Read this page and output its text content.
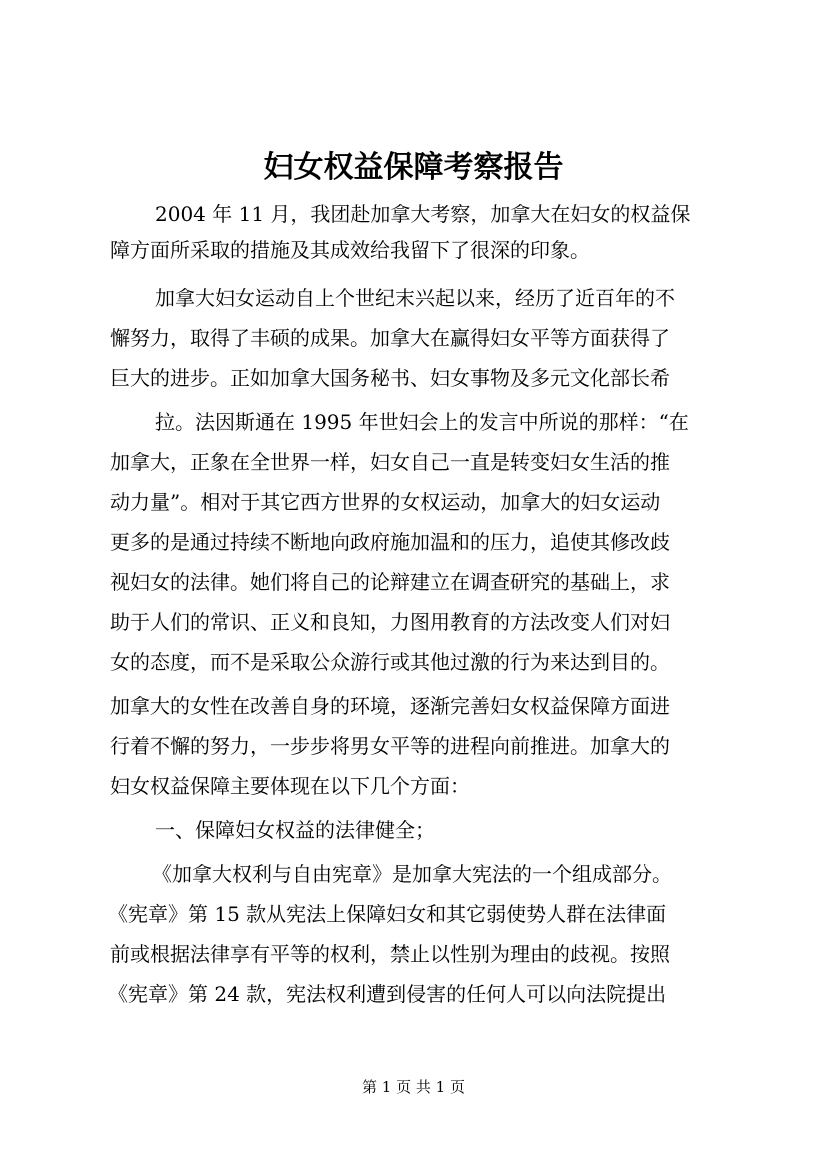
妇女权益保障考察报告

2004 年 11 月，我团赴加拿大考察，加拿大在妇女的权益保

障方面所采取的措施及其成效给我留下了很深的印象。

加拿大妇女运动自上个世纪末兴起以来，经历了近百年的不

懈努力，取得了丰硕的成果。加拿大在赢得妇女平等方面获得了

巨大的进步。正如加拿大国务秘书、妇女事物及多元文化部长希

拉。法因斯通在 1995 年世妇会上的发言中所说的那样：“在

加拿大，正象在全世界一样，妇女自己一直是转变妇女生活的推

动力量”。相对于其它西方世界的女权运动，加拿大的妇女运动

更多的是通过持续不断地向政府施加温和的压力，追使其修改歧

视妇女的法律。她们将自己的论辩建立在调查研究的基础上，求

助于人们的常识、正义和良知，力图用教育的方法改变人们对妇

女的态度，而不是采取公众游行或其他过激的行为来达到目的。

加拿大的女性在改善自身的环境，逐渐完善妇女权益保障方面进

行着不懈的努力，一步步将男女平等的进程向前推进。加拿大的

妇女权益保障主要体现在以下几个方面：

一、保障妇女权益的法律健全；

《加拿大权利与自由宪章》是加拿大宪法的一个组成部分。

《宪章》第 15 款从宪法上保障妇女和其它弱使势人群在法律面

前或根据法律享有平等的权利，禁止以性别为理由的歧视。按照

《宪章》第 24 款，宪法权利遭到侵害的任何人可以向法院提出

第 1 页 共 1 页
